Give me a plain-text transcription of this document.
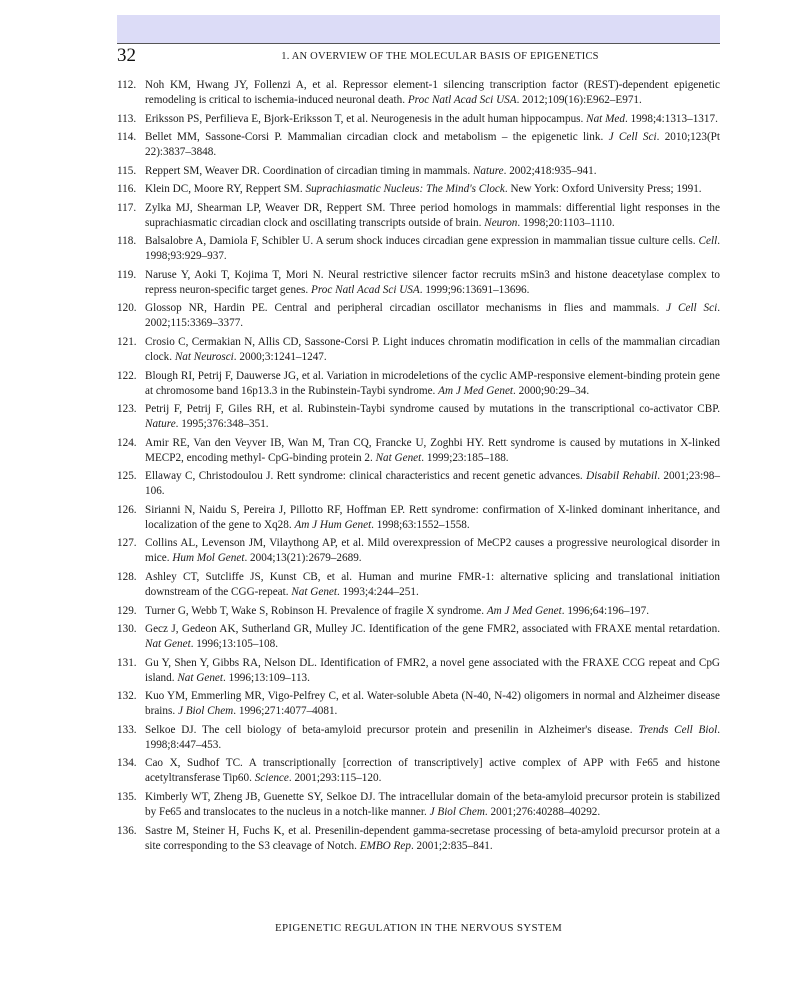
32	1. AN OVERVIEW OF THE MOLECULAR BASIS OF EPIGENETICS
112. Noh KM, Hwang JY, Follenzi A, et al. Repressor element-1 silencing transcription factor (REST)-dependent epigenetic remodeling is critical to ischemia-induced neuronal death. Proc Natl Acad Sci USA. 2012;109(16):E962–E971.
113. Eriksson PS, Perfilieva E, Bjork-Eriksson T, et al. Neurogenesis in the adult human hippocampus. Nat Med. 1998;4:1313–1317.
114. Bellet MM, Sassone-Corsi P. Mammalian circadian clock and metabolism – the epigenetic link. J Cell Sci. 2010;123(Pt 22):3837–3848.
115. Reppert SM, Weaver DR. Coordination of circadian timing in mammals. Nature. 2002;418:935–941.
116. Klein DC, Moore RY, Reppert SM. Suprachiasmatic Nucleus: The Mind's Clock. New York: Oxford University Press; 1991.
117. Zylka MJ, Shearman LP, Weaver DR, Reppert SM. Three period homologs in mammals: differential light responses in the suprachiasmatic circadian clock and oscillating transcripts outside of brain. Neuron. 1998;20:1103–1110.
118. Balsalobre A, Damiola F, Schibler U. A serum shock induces circadian gene expression in mammalian tissue culture cells. Cell. 1998;93:929–937.
119. Naruse Y, Aoki T, Kojima T, Mori N. Neural restrictive silencer factor recruits mSin3 and histone deacetylase complex to repress neuron-specific target genes. Proc Natl Acad Sci USA. 1999;96:13691–13696.
120. Glossop NR, Hardin PE. Central and peripheral circadian oscillator mechanisms in flies and mammals. J Cell Sci. 2002;115:3369–3377.
121. Crosio C, Cermakian N, Allis CD, Sassone-Corsi P. Light induces chromatin modification in cells of the mammalian circadian clock. Nat Neurosci. 2000;3:1241–1247.
122. Blough RI, Petrij F, Dauwerse JG, et al. Variation in microdeletions of the cyclic AMP-responsive element-binding protein gene at chromosome band 16p13.3 in the Rubinstein-Taybi syndrome. Am J Med Genet. 2000;90:29–34.
123. Petrij F, Petrij F, Giles RH, et al. Rubinstein-Taybi syndrome caused by mutations in the transcriptional co-activator CBP. Nature. 1995;376:348–351.
124. Amir RE, Van den Veyver IB, Wan M, Tran CQ, Francke U, Zoghbi HY. Rett syndrome is caused by mutations in X-linked MECP2, encoding methyl- CpG-binding protein 2. Nat Genet. 1999;23:185–188.
125. Ellaway C, Christodoulou J. Rett syndrome: clinical characteristics and recent genetic advances. Disabil Rehabil. 2001;23:98–106.
126. Sirianni N, Naidu S, Pereira J, Pillotto RF, Hoffman EP. Rett syndrome: confirmation of X-linked dominant inheritance, and localization of the gene to Xq28. Am J Hum Genet. 1998;63:1552–1558.
127. Collins AL, Levenson JM, Vilaythong AP, et al. Mild overexpression of MeCP2 causes a progressive neurological disorder in mice. Hum Mol Genet. 2004;13(21):2679–2689.
128. Ashley CT, Sutcliffe JS, Kunst CB, et al. Human and murine FMR-1: alternative splicing and translational initiation downstream of the CGG-repeat. Nat Genet. 1993;4:244–251.
129. Turner G, Webb T, Wake S, Robinson H. Prevalence of fragile X syndrome. Am J Med Genet. 1996;64:196–197.
130. Gecz J, Gedeon AK, Sutherland GR, Mulley JC. Identification of the gene FMR2, associated with FRAXE mental retardation. Nat Genet. 1996;13:105–108.
131. Gu Y, Shen Y, Gibbs RA, Nelson DL. Identification of FMR2, a novel gene associated with the FRAXE CCG repeat and CpG island. Nat Genet. 1996;13:109–113.
132. Kuo YM, Emmerling MR, Vigo-Pelfrey C, et al. Water-soluble Abeta (N-40, N-42) oligomers in normal and Alzheimer disease brains. J Biol Chem. 1996;271:4077–4081.
133. Selkoe DJ. The cell biology of beta-amyloid precursor protein and presenilin in Alzheimer's disease. Trends Cell Biol. 1998;8:447–453.
134. Cao X, Sudhof TC. A transcriptionally [correction of transcriptively] active complex of APP with Fe65 and histone acetyltransferase Tip60. Science. 2001;293:115–120.
135. Kimberly WT, Zheng JB, Guenette SY, Selkoe DJ. The intracellular domain of the beta-amyloid precursor protein is stabilized by Fe65 and translocates to the nucleus in a notch-like manner. J Biol Chem. 2001;276:40288–40292.
136. Sastre M, Steiner H, Fuchs K, et al. Presenilin-dependent gamma-secretase processing of beta-amyloid precursor protein at a site corresponding to the S3 cleavage of Notch. EMBO Rep. 2001;2:835–841.
EPIGENETIC REGULATION IN THE NERVOUS SYSTEM
